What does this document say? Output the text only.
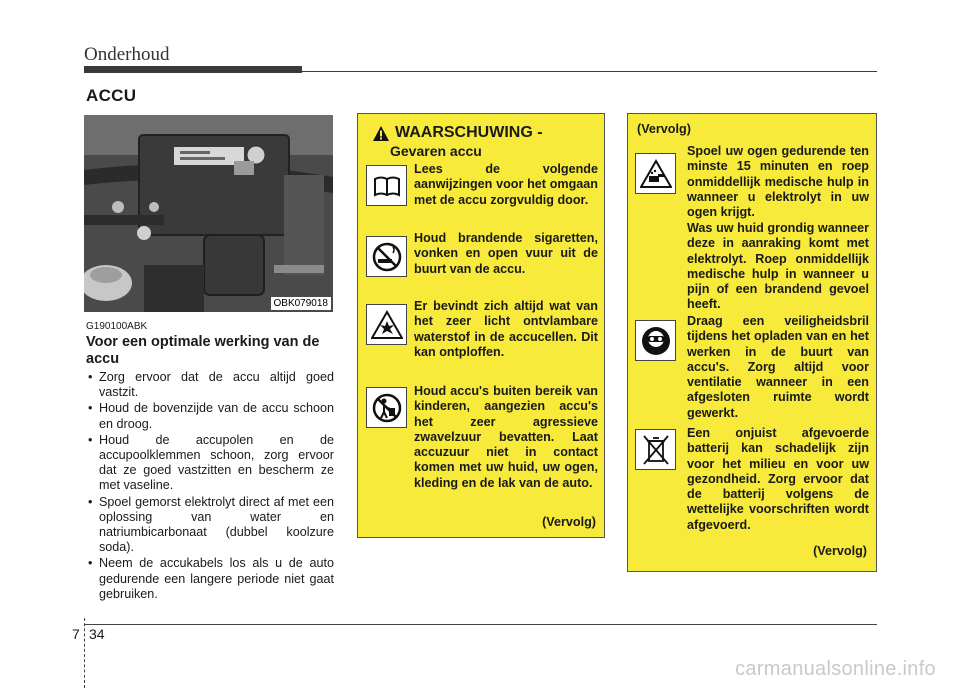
Onderhoud
ACCU
OBK079018
G190100ABK
Voor een optimale werking van de accu
• Zorg ervoor dat de accu altijd goed vastzit.
• Houd de bovenzijde van de accu schoon en droog.
• Houd de accupolen en de accupoolklemmen schoon, zorg ervoor dat ze goed vastzitten en bescherm ze met vaseline.
• Spoel gemorst elektrolyt direct af met een oplossing van water en natriumbicarbonaat (dubbel koolzure soda).
• Neem de accukabels los als u de auto gedurende een langere periode niet gaat gebruiken.
WAARSCHUWING -
Gevaren accu
Lees de volgende aanwijzingen voor het omgaan met de accu zorgvuldig door.
Houd brandende sigaretten, vonken en open vuur uit de buurt van de accu.
Er bevindt zich altijd wat van het zeer licht ontvlambare waterstof in de accucellen. Dit kan ontploffen.
Houd accu's buiten bereik van kinderen, aangezien accu's het zeer agressieve zwavelzuur bevatten. Laat accuzuur niet in contact komen met uw huid, uw ogen, kleding en de lak van de auto.
(Vervolg)
(Vervolg)
Spoel uw ogen gedurende ten minste 15 minuten en roep onmiddellijk medische hulp in wanneer u elektrolyt in uw ogen krijgt.
Was uw huid grondig wanneer deze in aanraking komt met elektrolyt. Roep onmiddellijk medische hulp in wanneer u pijn of een brandend gevoel heeft.
Draag een veiligheidsbril tijdens het opladen van en het werken in de buurt van accu's. Zorg altijd voor ventilatie wanneer in een afgesloten ruimte wordt gewerkt.
Een onjuist afgevoerde batterij kan schadelijk zijn voor het milieu en voor uw gezondheid. Zorg ervoor dat de batterij volgens de wettelijke voorschriften wordt afgevoerd.
(Vervolg)
7 34
carmanualsonline.info
